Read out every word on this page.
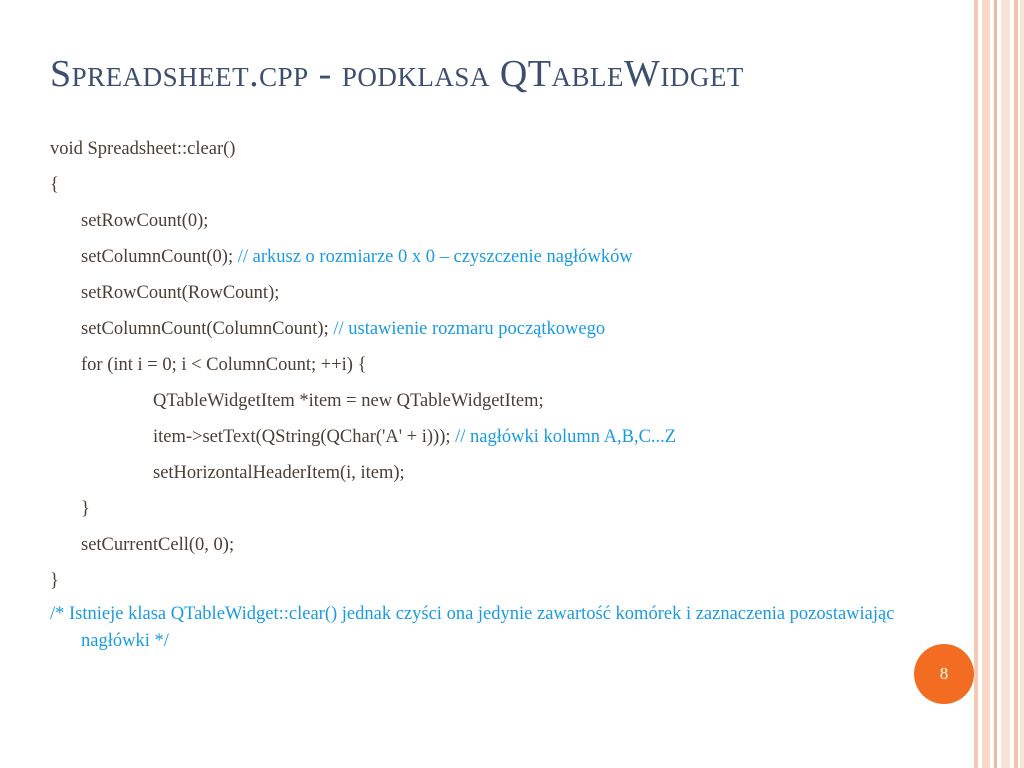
Spreadsheet.cpp - podklasa QTableWidget
void Spreadsheet::clear()
{
setRowCount(0);
setColumnCount(0); // arkusz o rozmiarze 0 x 0 – czyszczenie nagłówków
setRowCount(RowCount);
setColumnCount(ColumnCount); // ustawienie rozmaru początkowego
for (int i = 0; i < ColumnCount; ++i) {
QTableWidgetItem *item = new QTableWidgetItem;
item->setText(QString(QChar('A' + i))); // nagłówki kolumn A,B,C...Z
setHorizontalHeaderItem(i, item);
}
setCurrentCell(0, 0);
}
/* Istnieje klasa QTableWidget::clear() jednak czyści ona jedynie zawartość komórek i zaznaczenia pozostawiając nagłówki */
8
